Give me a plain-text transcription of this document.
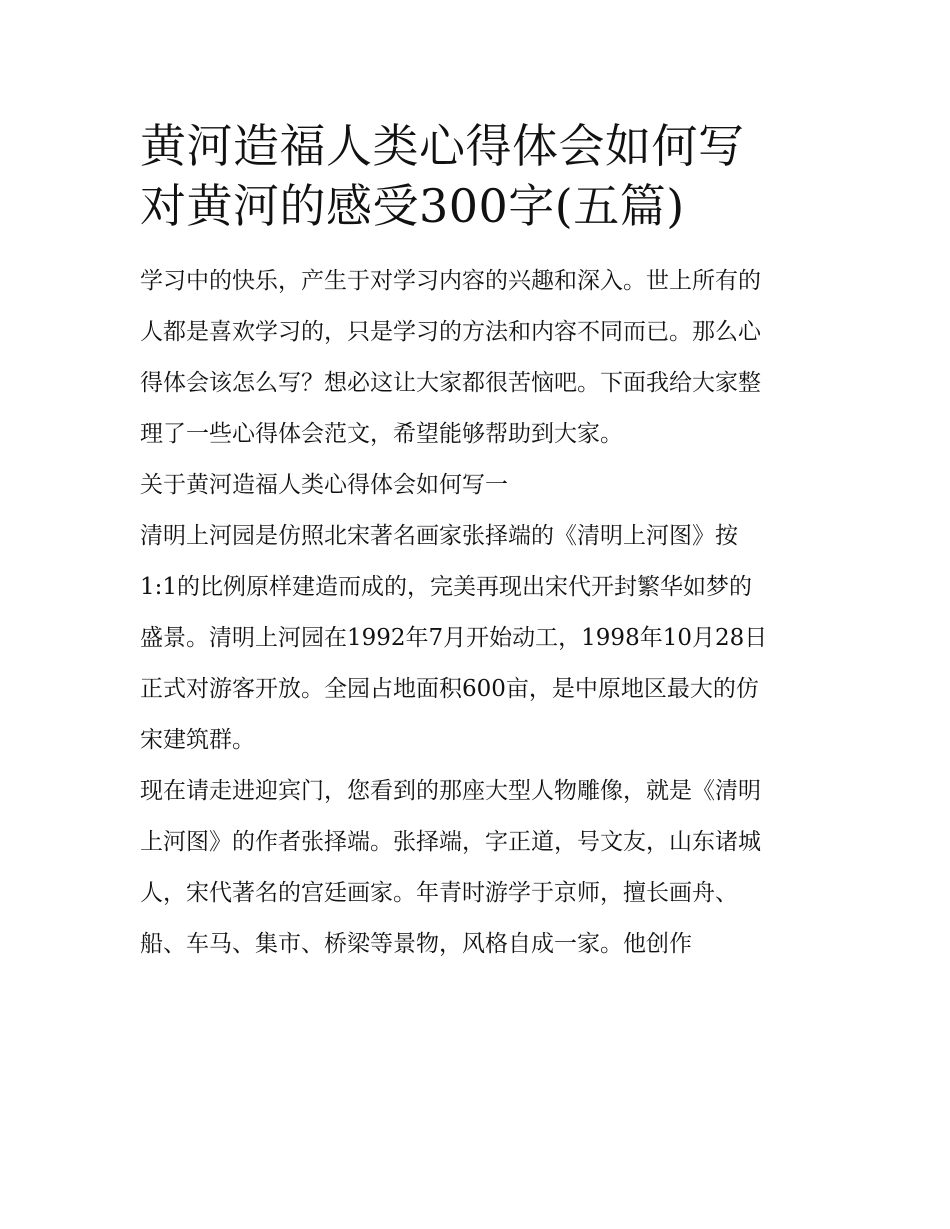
黄河造福人类心得体会如何写
对黄河的感受300字(五篇)

学习中的快乐，产生于对学习内容的兴趣和深入。世上所有的
人都是喜欢学习的，只是学习的方法和内容不同而已。那么心
得体会该怎么写？想必这让大家都很苦恼吧。下面我给大家整
理了一些心得体会范文，希望能够帮助到大家。

关于黄河造福人类心得体会如何写一

清明上河园是仿照北宋著名画家张择端的《清明上河图》按
1:1的比例原样建造而成的，完美再现出宋代开封繁华如梦的
盛景。清明上河园在1992年7月开始动工，1998年10月28日
正式对游客开放。全园占地面积600亩，是中原地区最大的仿
宋建筑群。

现在请走进迎宾门，您看到的那座大型人物雕像，就是《清明
上河图》的作者张择端。张择端，字正道，号文友，山东诸城
人，宋代著名的宫廷画家。年青时游学于京师，擅长画舟、
船、车马、集市、桥梁等景物，风格自成一家。他创作
